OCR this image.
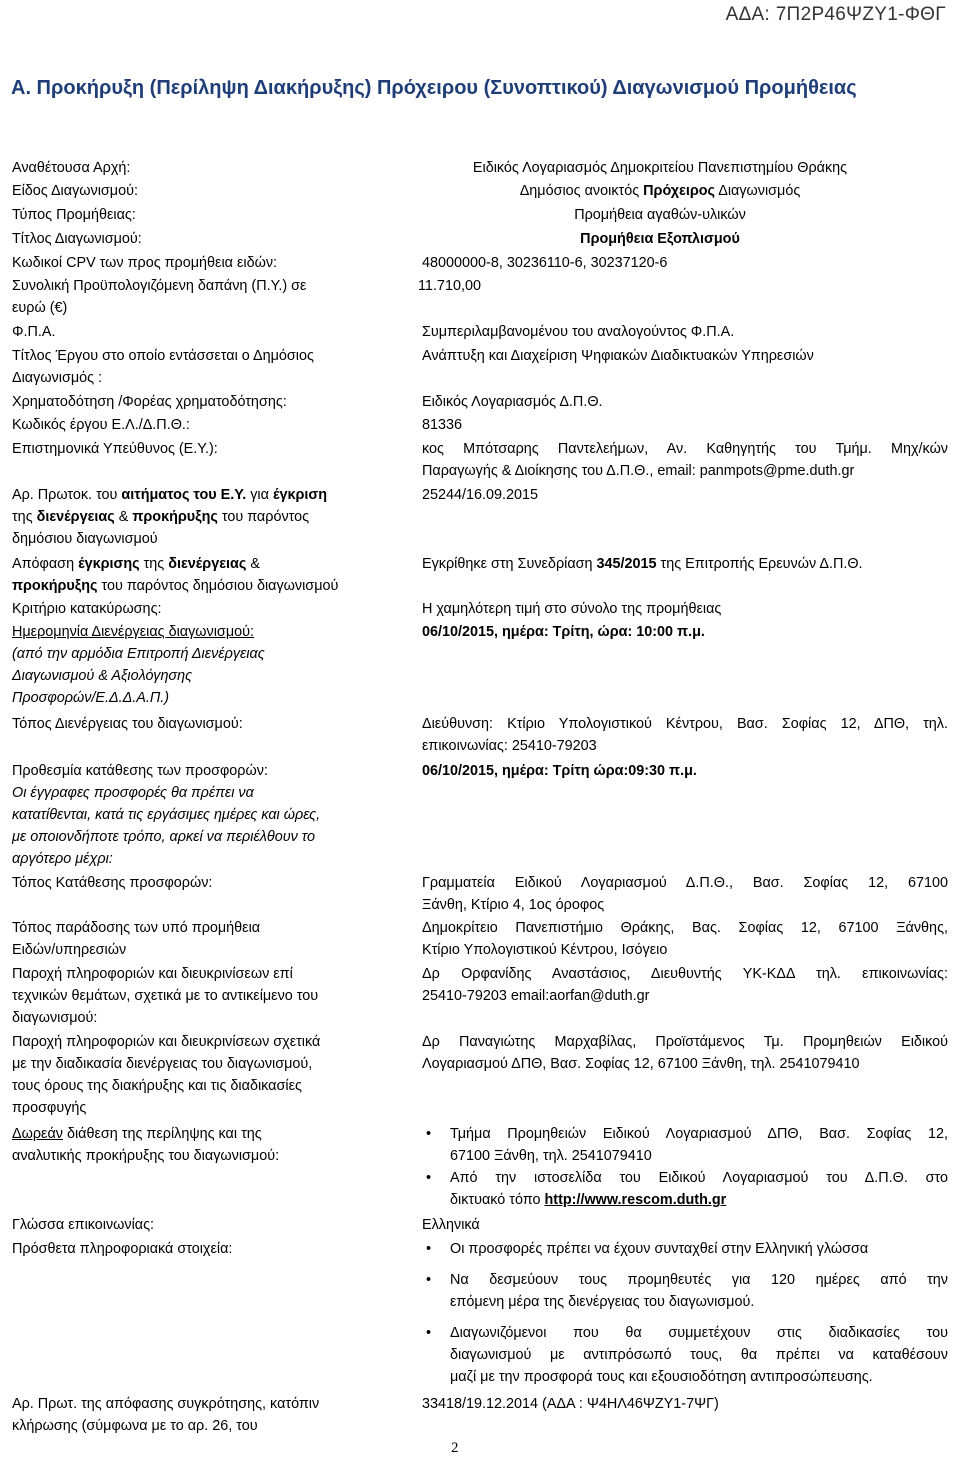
ΑΔΑ: 7Π2Ρ46ΨΖΥ1-ΦΘΓ
Α. Προκήρυξη (Περίληψη Διακήρυξης) Πρόχειρου (Συνοπτικού) Διαγωνισμού Προμήθειας
Αναθέτουσα Αρχή:	Ειδικός Λογαριασμός Δημοκριτείου Πανεπιστημίου Θράκης
Είδος Διαγωνισμού:	Δημόσιος ανοικτός Πρόχειρος Διαγωνισμός
Τύπος Προμήθειας:	Προμήθεια αγαθών-υλικών
Τίτλος Διαγωνισμού:	Προμήθεια Εξοπλισμού
Κωδικοί CPV των προς προμήθεια ειδών:	48000000-8, 30236110-6, 30237120-6
Συνολική Προϋπολογιζόμενη δαπάνη (Π.Υ.) σε
ευρώ (€)
11.710,00
Φ.Π.Α.	Συμπεριλαμβανομένου του αναλογούντος Φ.Π.Α.
Τίτλος Έργου στο οποίο εντάσσεται ο Δημόσιος
Διαγωνισμός :
Ανάπτυξη και Διαχείριση Ψηφιακών Διαδικτυακών Υπηρεσιών
Χρηματοδότηση /Φορέας χρηματοδότησης:	Ειδικός Λογαριασμός Δ.Π.Θ.
Κωδικός έργου Ε.Λ./Δ.Π.Θ.:	81336
Επιστημονικά Υπεύθυνος (Ε.Υ.):	κος Μπότσαρης Παντελεήμων, Αν. Καθηγητής του Τμήμ. Μηχ/κών
Παραγωγής & Διοίκησης του Δ.Π.Θ., email: panmpots@pme.duth.gr
Αρ. Πρωτοκ. του αιτήματος του Ε.Υ. για έγκριση
της διενέργειας & προκήρυξης του παρόντος
δημόσιου διαγωνισμού
25244/16.09.2015
Απόφαση έγκρισης της διενέργειας &
προκήρυξης του παρόντος δημόσιου διαγωνισμού
Εγκρίθηκε στη Συνεδρίαση 345/2015 της Επιτροπής Ερευνών Δ.Π.Θ.
Κριτήριο κατακύρωσης:	Η χαμηλότερη τιμή στο σύνολο της προμήθειας
Ημερομηνία Διενέργειας διαγωνισμού:
(από την αρμόδια Επιτροπή Διενέργειας
Διαγωνισμού & Αξιολόγησης
Προσφορών/Ε.Δ.Δ.Α.Π.)
06/10/2015, ημέρα: Τρίτη, ώρα: 10:00 π.μ.
Τόπος Διενέργειας του διαγωνισμού:	Διεύθυνση: Κτίριο Υπολογιστικού Κέντρου, Βασ. Σοφίας 12, ΔΠΘ, τηλ.
επικοινωνίας: 25410-79203
Προθεσμία κατάθεσης των προσφορών:
Οι έγγραφες προσφορές θα πρέπει να
κατατίθενται, κατά τις εργάσιμες ημέρες και ώρες,
με οποιονδήποτε τρόπο, αρκεί να περιέλθουν το
αργότερο μέχρι:
06/10/2015, ημέρα: Τρίτη ώρα:09:30 π.μ.
Τόπος Κατάθεσης προσφορών:	Γραμματεία Ειδικού Λογαριασμού Δ.Π.Θ., Βασ. Σοφίας 12, 67100
Ξάνθη, Κτίριο 4, 1ος όροφος
Τόπος παράδοσης των υπό προμήθεια
Ειδών/υπηρεσιών
Δημοκρίτειο Πανεπιστήμιο Θράκης, Βας. Σοφίας 12, 67100 Ξάνθης,
Κτίριο Υπολογιστικού Κέντρου, Ισόγειο
Παροχή πληροφοριών και διευκρινίσεων επί
τεχνικών θεμάτων, σχετικά με το αντικείμενο του
διαγωνισμού:
Δρ Ορφανίδης Αναστάσιος, Διευθυντής ΥΚ-ΚΔΔ τηλ. επικοινωνίας:
25410-79203 email:aorfan@duth.gr
Παροχή πληροφοριών και διευκρινίσεων σχετικά
με την διαδικασία διενέργειας του διαγωνισμού,
τους όρους της διακήρυξης και τις διαδικασίες
προσφυγής
Δρ Παναγιώτης Μαρχαβίλας, Προϊστάμενος Τμ. Προμηθειών Ειδικού
Λογαριασμού ΔΠΘ, Βασ. Σοφίας 12, 67100 Ξάνθη, τηλ. 2541079410
Δωρεάν διάθεση της περίληψης και της
αναλυτικής προκήρυξης του διαγωνισμού:
• Τμήμα Προμηθειών Ειδικού Λογαριασμού ΔΠΘ, Βασ. Σοφίας 12,
67100 Ξάνθη, τηλ. 2541079410
• Από την ιστοσελίδα του Ειδικού Λογαριασμού του Δ.Π.Θ. στο
δικτυακό τόπο http://www.rescom.duth.gr
Γλώσσα επικοινωνίας:	Ελληνικά
Πρόσθετα πληροφοριακά στοιχεία:
•	Οι προσφορές πρέπει να έχουν συνταχθεί στην Ελληνική γλώσσα
• Να δεσμεύουν τους προμηθευτές για 120 ημέρες από την
επόμενη μέρα της διενέργειας του διαγωνισμού.
• Διαγωνιζόμενοι που θα συμμετέχουν στις διαδικασίες του
διαγωνισμού με αντιπρόσωπό τους, θα πρέπει να καταθέσουν
μαζί με την προσφορά τους και εξουσιοδότηση αντιπροσώπευσης.
Αρ. Πρωτ. της απόφασης συγκρότησης, κατόπιν
κλήρωσης (σύμφωνα με το αρ. 26, του
33418/19.12.2014 (ΑΔΑ : Ψ4ΗΛ46ΨΖΥ1-7ΨΓ)
2
